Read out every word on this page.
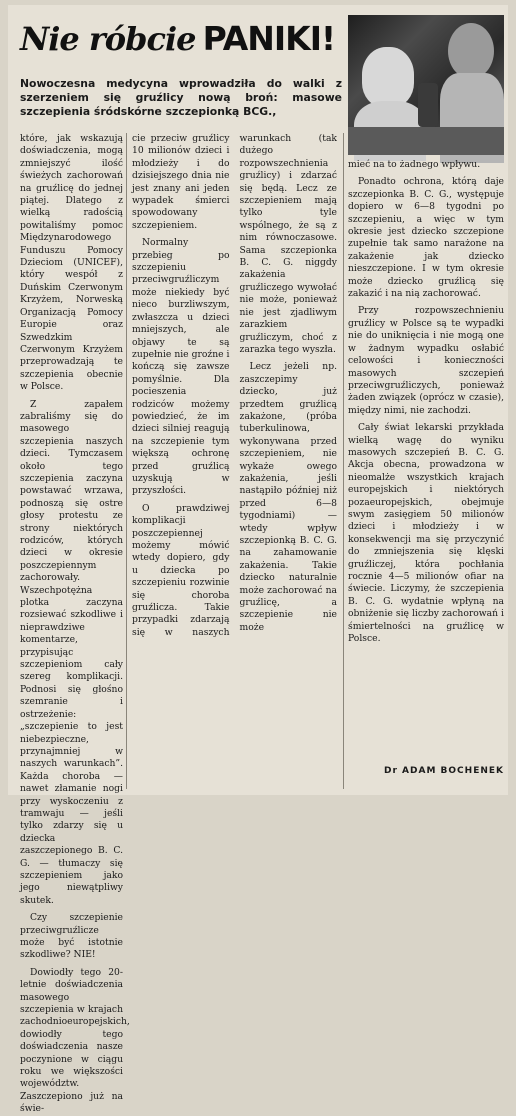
Nie róbcie PANIKI!

Nowoczesna medycyna wprowadziła do walki z szerzeniem się gruźlicy nową broń: masowe szczepienia śródskórne szczepionką BCG.,

które, jak wskazują doświadczenia, mogą zmniejszyć ilość świeżych zachorowań na gruźlicę do jednej piątej. Dlatego z wielką radością powitaliśmy pomoc Międzynarodowego Funduszu Pomocy Dzieciom (UNICEF), który wespół z Duńskim Czerwonym Krzyżem, Norweską Organizacją Pomocy Europie oraz Szwedzkim Czerwonym Krzyżem przeprowadzają te szczepienia obecnie w Polsce.

Z zapałem zabraliśmy się do masowego szczepienia naszych dzieci. Tymczasem około tego szczepienia zaczyna powstawać wrzawa, podnoszą się ostre głosy protestu ze strony niektórych rodziców, których dzieci w okresie poszczepiennym zachorowały. Wszechpotężna plotka zaczyna rozsiewać szkodliwe i nieprawdziwe komentarze, przypisując szczepieniom cały szereg komplikacji. Podnosi się głośno szemranie i ostrzeżenie: „szczepienie to jest niebezpieczne, przynajmniej w naszych warunkach”. Każda choroba — nawet złamanie nogi przy wyskoczeniu z tramwaju — jeśli tylko zdarzy się u dziecka zaszczepionego B. C. G. — tłumaczy się szczepieniem jako jego niewątpliwy skutek.

Czy szczepienie przeciwgruźlicze może być istotnie szkodliwe? NIE!

Dowiodły tego 20-letnie doświadczenia masowego szczepienia w krajach zachodnioeuropejskich, dowiodły tego doświadczenia nasze poczynione w ciągu roku we większości województw. Zaszczepiono już na świe-

cie przeciw gruźlicy 10 milionów dzieci i młodzieży i do dzisiejszego dnia nie jest znany ani jeden wypadek śmierci spowodowany szczepieniem.

Normalny przebieg po szczepieniu przeciwgruźliczym może niekiedy być nieco burzliwszym, zwłaszcza u dzieci mniejszych, ale objawy te są zupełnie nie groźne i kończą się zawsze pomyślnie. Dla pocieszenia rodziców możemy powiedzieć, że im dzieci silniej reagują na szczepienie tym większą ochronę przed gruźlicą uzyskują w przyszłości.

O prawdziwej komplikacji poszczepiennej możemy mówić wtedy dopiero, gdy u dziecka po szczepieniu rozwinie się choroba gruźlicza. Takie przypadki zdarzają się w naszych warunkach (tak dużego rozpowszechnienia gruźlicy) i zdarzać się będą. Lecz ze szczepieniem mają tylko tyle wspólnego, że są z nim równoczasowe. Sama szczepionka B. C. G. niggdy zakażenia gruźliczego wywołać nie może, ponieważ nie jest zjadliwym zarazkiem gruźliczym, choć z zarazka tego wyszła.

Lecz jeżeli np. zaszczepimy dziecko, już przedtem gruźlicą zakażone, (próba tuberkulinowa, wykonywana przed szczepieniem, nie wykaże owego zakażenia, jeśli nastąpiło później niż przed 6—8 tygodniami) — wtedy wpływ szczepionką B. C. G. na zahamowanie zakażenia. Takie dziecko naturalnie może zachorować na gruźlicę, a szczepienie nie może

mieć na to żadnego wpływu.

Ponadto ochrona, którą daje szczepionka B. C. G., występuje dopiero w 6—8 tygodni po szczepieniu, a więc w tym okresie jest dziecko szczepione zupełnie tak samo narażone na zakażenie jak dziecko nieszczepione. I w tym okresie może dziecko gruźlicą się zakazić i na nią zachorować.

Przy rozpowszechnieniu gruźlicy w Polsce są te wypadki nie do uniknięcia i nie mogą one w żadnym wypadku osłabić celowości i konieczności masowych szczepień przeciwgruźliczych, ponieważ żaden związek (oprócz w czasie), między nimi, nie zachodzi.

Cały świat lekarski przykłada wielką wagę do wyniku masowych szczepień B. C. G. Akcja obecna, prowadzona w nieomalże wszystkich krajach europejskich i niektórych pozaeuropejskich, obejmuje swym zasięgiem 50 milionów dzieci i młodzieży i w konsekwencji ma się przyczynić do zmniejszenia się klęski gruźliczej, która pochłania rocznie 4—5 milionów ofiar na świecie. Liczymy, że szczepienia B. C. G. wydatnie wpłyną na obniżenie się liczby zachorowań i śmiertelności na gruźlicę w Polsce.

Dr ADAM BOCHENEK
